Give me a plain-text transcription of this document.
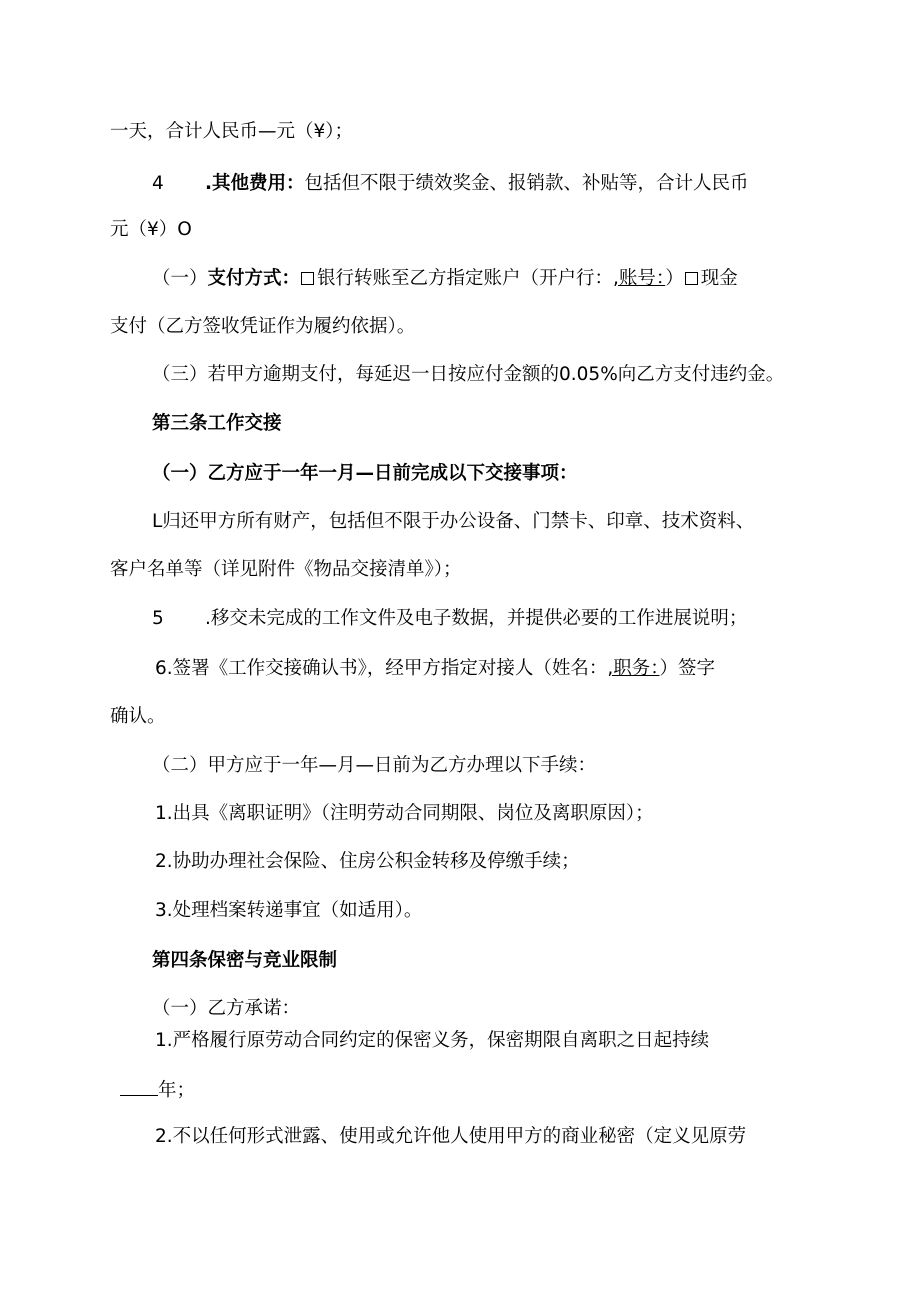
一天，合计人民币—元（¥）；
4 .其他费用：包括但不限于绩效奖金、报销款、补贴等，合计人民币
元（¥）O
（一）支付方式： 银行转账至乙方指定账户（开户行：,账号：） 现金
支付（乙方签收凭证作为履约依据）。
（三）若甲方逾期支付，每延迟一日按应付金额的0.05%向乙方支付违约金。
第三条工作交接
（一）乙方应于一年一月—日前完成以下交接事项：
L归还甲方所有财产，包括但不限于办公设备、门禁卡、印章、技术资料、
客户名单等（详见附件《物品交接清单》）；
5 .移交未完成的工作文件及电子数据，并提供必要的工作进展说明；
6.签署《工作交接确认书》，经甲方指定对接人（姓名：,职务：）签字
确认。
（二）甲方应于一年—月—日前为乙方办理以下手续：
1.出具《离职证明》（注明劳动合同期限、岗位及离职原因）；
2.协助办理社会保险、住房公积金转移及停缴手续；
3.处理档案转递事宜（如适用）。
第四条保密与竞业限制
（一）乙方承诺：
1.严格履行原劳动合同约定的保密义务，保密期限自离职之日起持续
年；
2.不以任何形式泄露、使用或允许他人使用甲方的商业秘密（定义见原劳
